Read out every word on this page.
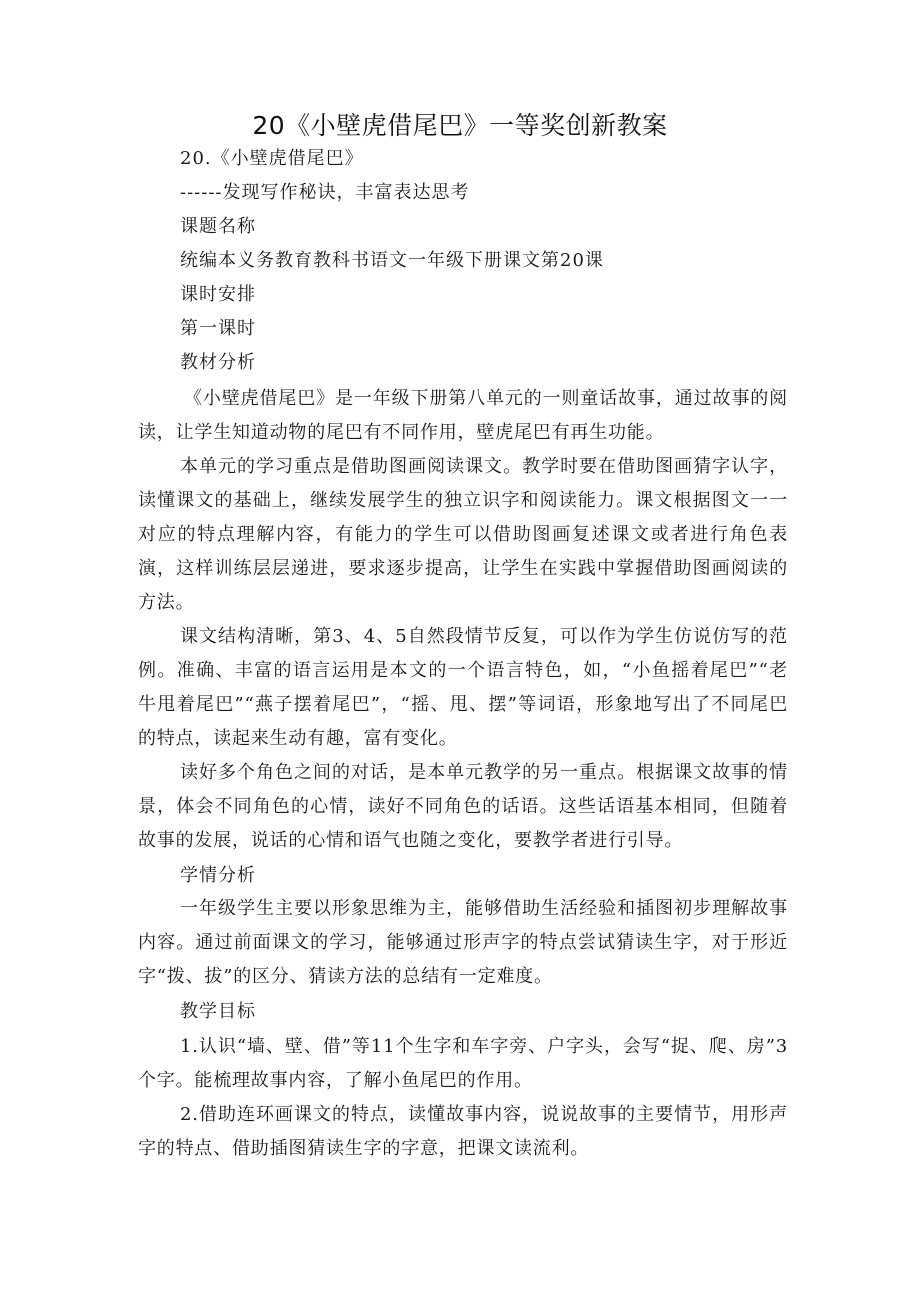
20《小壁虎借尾巴》一等奖创新教案
20.《小壁虎借尾巴》
------发现写作秘诀，丰富表达思考
课题名称
统编本义务教育教科书语文一年级下册课文第20课
课时安排
第一课时
教材分析
《小壁虎借尾巴》是一年级下册第八单元的一则童话故事，通过故事的阅读，让学生知道动物的尾巴有不同作用，壁虎尾巴有再生功能。
本单元的学习重点是借助图画阅读课文。教学时要在借助图画猜字认字，读懂课文的基础上，继续发展学生的独立识字和阅读能力。课文根据图文一一对应的特点理解内容，有能力的学生可以借助图画复述课文或者进行角色表演，这样训练层层递进，要求逐步提高，让学生在实践中掌握借助图画阅读的方法。
课文结构清晰，第3、4、5自然段情节反复，可以作为学生仿说仿写的范例。准确、丰富的语言运用是本文的一个语言特色，如，“小鱼摇着尾巴”“老牛甩着尾巴”“燕子摆着尾巴”，“摇、甩、摆”等词语，形象地写出了不同尾巴的特点，读起来生动有趣，富有变化。
读好多个角色之间的对话，是本单元教学的另一重点。根据课文故事的情景，体会不同角色的心情，读好不同角色的话语。这些话语基本相同，但随着故事的发展，说话的心情和语气也随之变化，要教学者进行引导。
学情分析
一年级学生主要以形象思维为主，能够借助生活经验和插图初步理解故事内容。通过前面课文的学习，能够通过形声字的特点尝试猜读生字，对于形近字“拨、拔”的区分、猜读方法的总结有一定难度。
教学目标
1.认识“墙、壁、借”等11个生字和车字旁、户字头，会写“捉、爬、房”3个字。能梳理故事内容，了解小鱼尾巴的作用。
2.借助连环画课文的特点，读懂故事内容，说说故事的主要情节，用形声字的特点、借助插图猜读生字的字意，把课文读流利。
